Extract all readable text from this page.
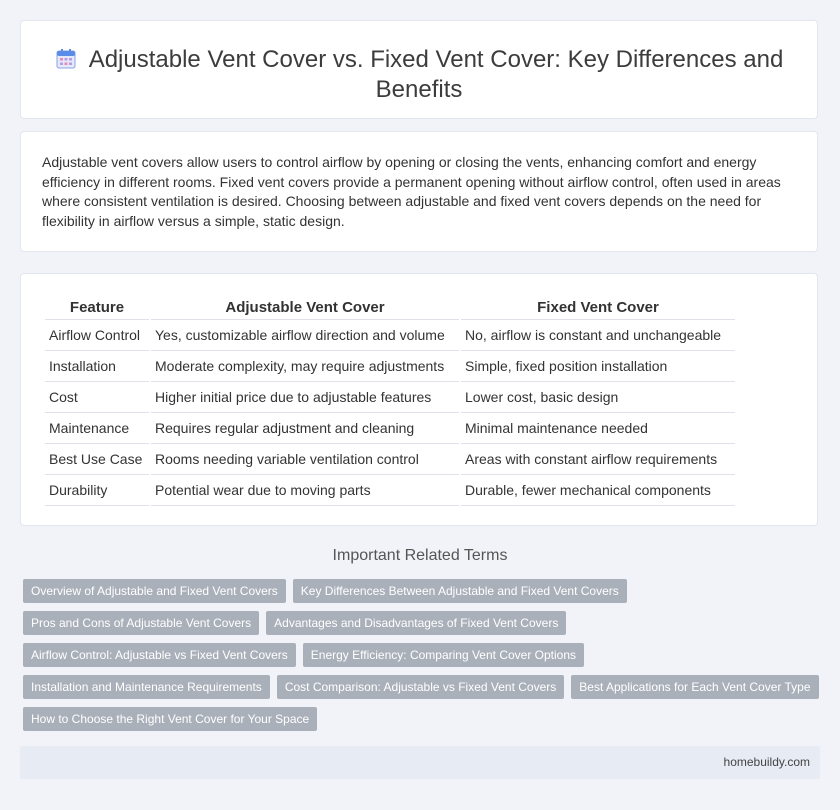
Adjustable Vent Cover vs. Fixed Vent Cover: Key Differences and Benefits

Adjustable vent covers allow users to control airflow by opening or closing the vents, enhancing comfort and energy efficiency in different rooms. Fixed vent covers provide a permanent opening without airflow control, often used in areas where consistent ventilation is desired. Choosing between adjustable and fixed vent covers depends on the need for flexibility in airflow versus a simple, static design.

Feature	Adjustable Vent Cover	Fixed Vent Cover
Airflow Control	Yes, customizable airflow direction and volume	No, airflow is constant and unchangeable
Installation	Moderate complexity, may require adjustments	Simple, fixed position installation
Cost	Higher initial price due to adjustable features	Lower cost, basic design
Maintenance	Requires regular adjustment and cleaning	Minimal maintenance needed
Best Use Case	Rooms needing variable ventilation control	Areas with constant airflow requirements
Durability	Potential wear due to moving parts	Durable, fewer mechanical components
Important Related Terms
Overview of Adjustable and Fixed Vent Covers	Key Differences Between Adjustable and Fixed Vent Covers
Pros and Cons of Adjustable Vent Covers	Advantages and Disadvantages of Fixed Vent Covers
Airflow Control: Adjustable vs Fixed Vent Covers	Energy Efficiency: Comparing Vent Cover Options
Installation and Maintenance Requirements	Cost Comparison: Adjustable vs Fixed Vent Covers	Best Applications for Each Vent Cover Type
How to Choose the Right Vent Cover for Your Space
homebuildy.com
